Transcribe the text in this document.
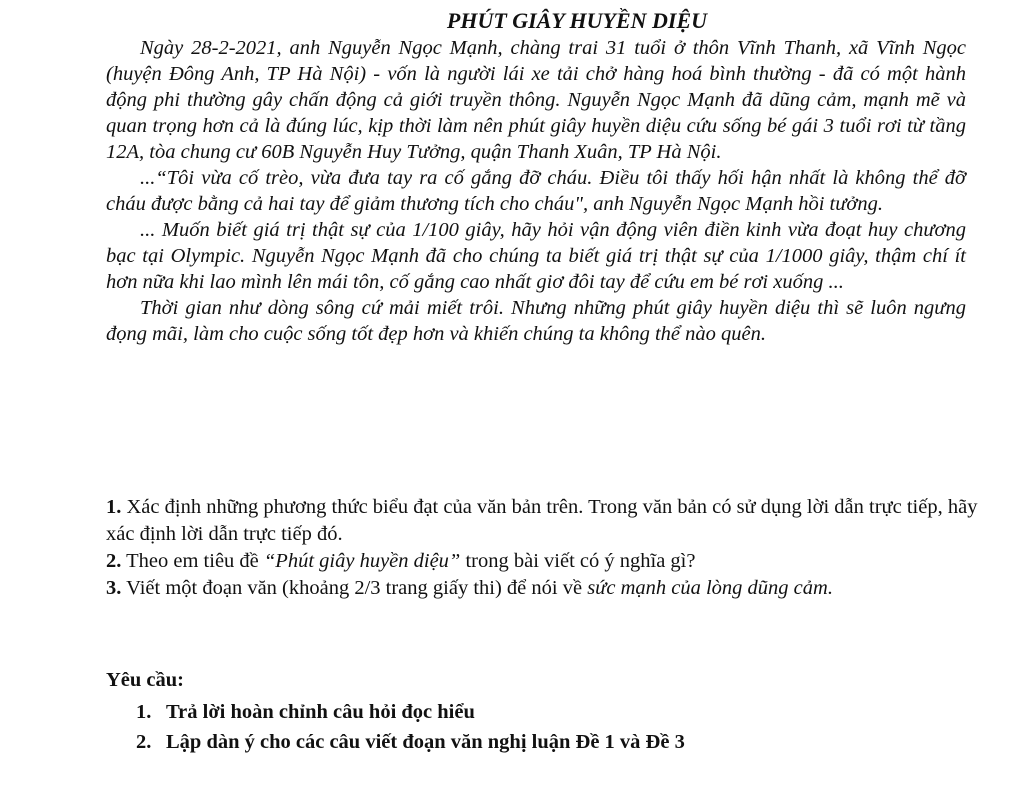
PHÚT GIÂY HUYỀN DIỆU

Ngày 28-2-2021, anh Nguyễn Ngọc Mạnh, chàng trai 31 tuổi ở thôn Vĩnh Thanh, xã Vĩnh Ngọc (huyện Đông Anh, TP Hà Nội) - vốn là người lái xe tải chở hàng hoá bình thường - đã có một hành động phi thường gây chấn động cả giới truyền thông. Nguyễn Ngọc Mạnh đã dũng cảm, mạnh mẽ và quan trọng hơn cả là đúng lúc, kịp thời làm nên phút giây huyền diệu cứu sống bé gái 3 tuổi rơi từ tầng 12A, tòa chung cư 60B Nguyễn Huy Tưởng, quận Thanh Xuân, TP Hà Nội.

...“Tôi vừa cố trèo, vừa đưa tay ra cố gắng đỡ cháu. Điều tôi thấy hối hận nhất là không thể đỡ cháu được bằng cả hai tay để giảm thương tích cho cháu", anh Nguyễn Ngọc Mạnh hồi tưởng.

... Muốn biết giá trị thật sự của 1/100 giây, hãy hỏi vận động viên điền kinh vừa đoạt huy chương bạc tại Olympic. Nguyễn Ngọc Mạnh đã cho chúng ta biết giá trị thật sự của 1/1000 giây, thậm chí ít hơn nữa khi lao mình lên mái tôn, cố gắng cao nhất giơ đôi tay để cứu em bé rơi xuống ...

Thời gian như dòng sông cứ mải miết trôi. Nhưng những phút giây huyền diệu thì sẽ luôn ngưng đọng mãi, làm cho cuộc sống tốt đẹp hơn và khiến chúng ta không thể nào quên.

1. Xác định những phương thức biểu đạt của văn bản trên. Trong văn bản có sử dụng lời dẫn trực tiếp, hãy xác định lời dẫn trực tiếp đó.

2. Theo em tiêu đề “Phút giây huyền diệu” trong bài viết có ý nghĩa gì?

3. Viết một đoạn văn (khoảng 2/3 trang giấy thi) để nói về sức mạnh của lòng dũng cảm.

Yêu cầu:

1. Trả lời hoàn chỉnh câu hỏi đọc hiểu
2. Lập dàn ý cho các câu viết đoạn văn nghị luận Đề 1 và Đề 3
